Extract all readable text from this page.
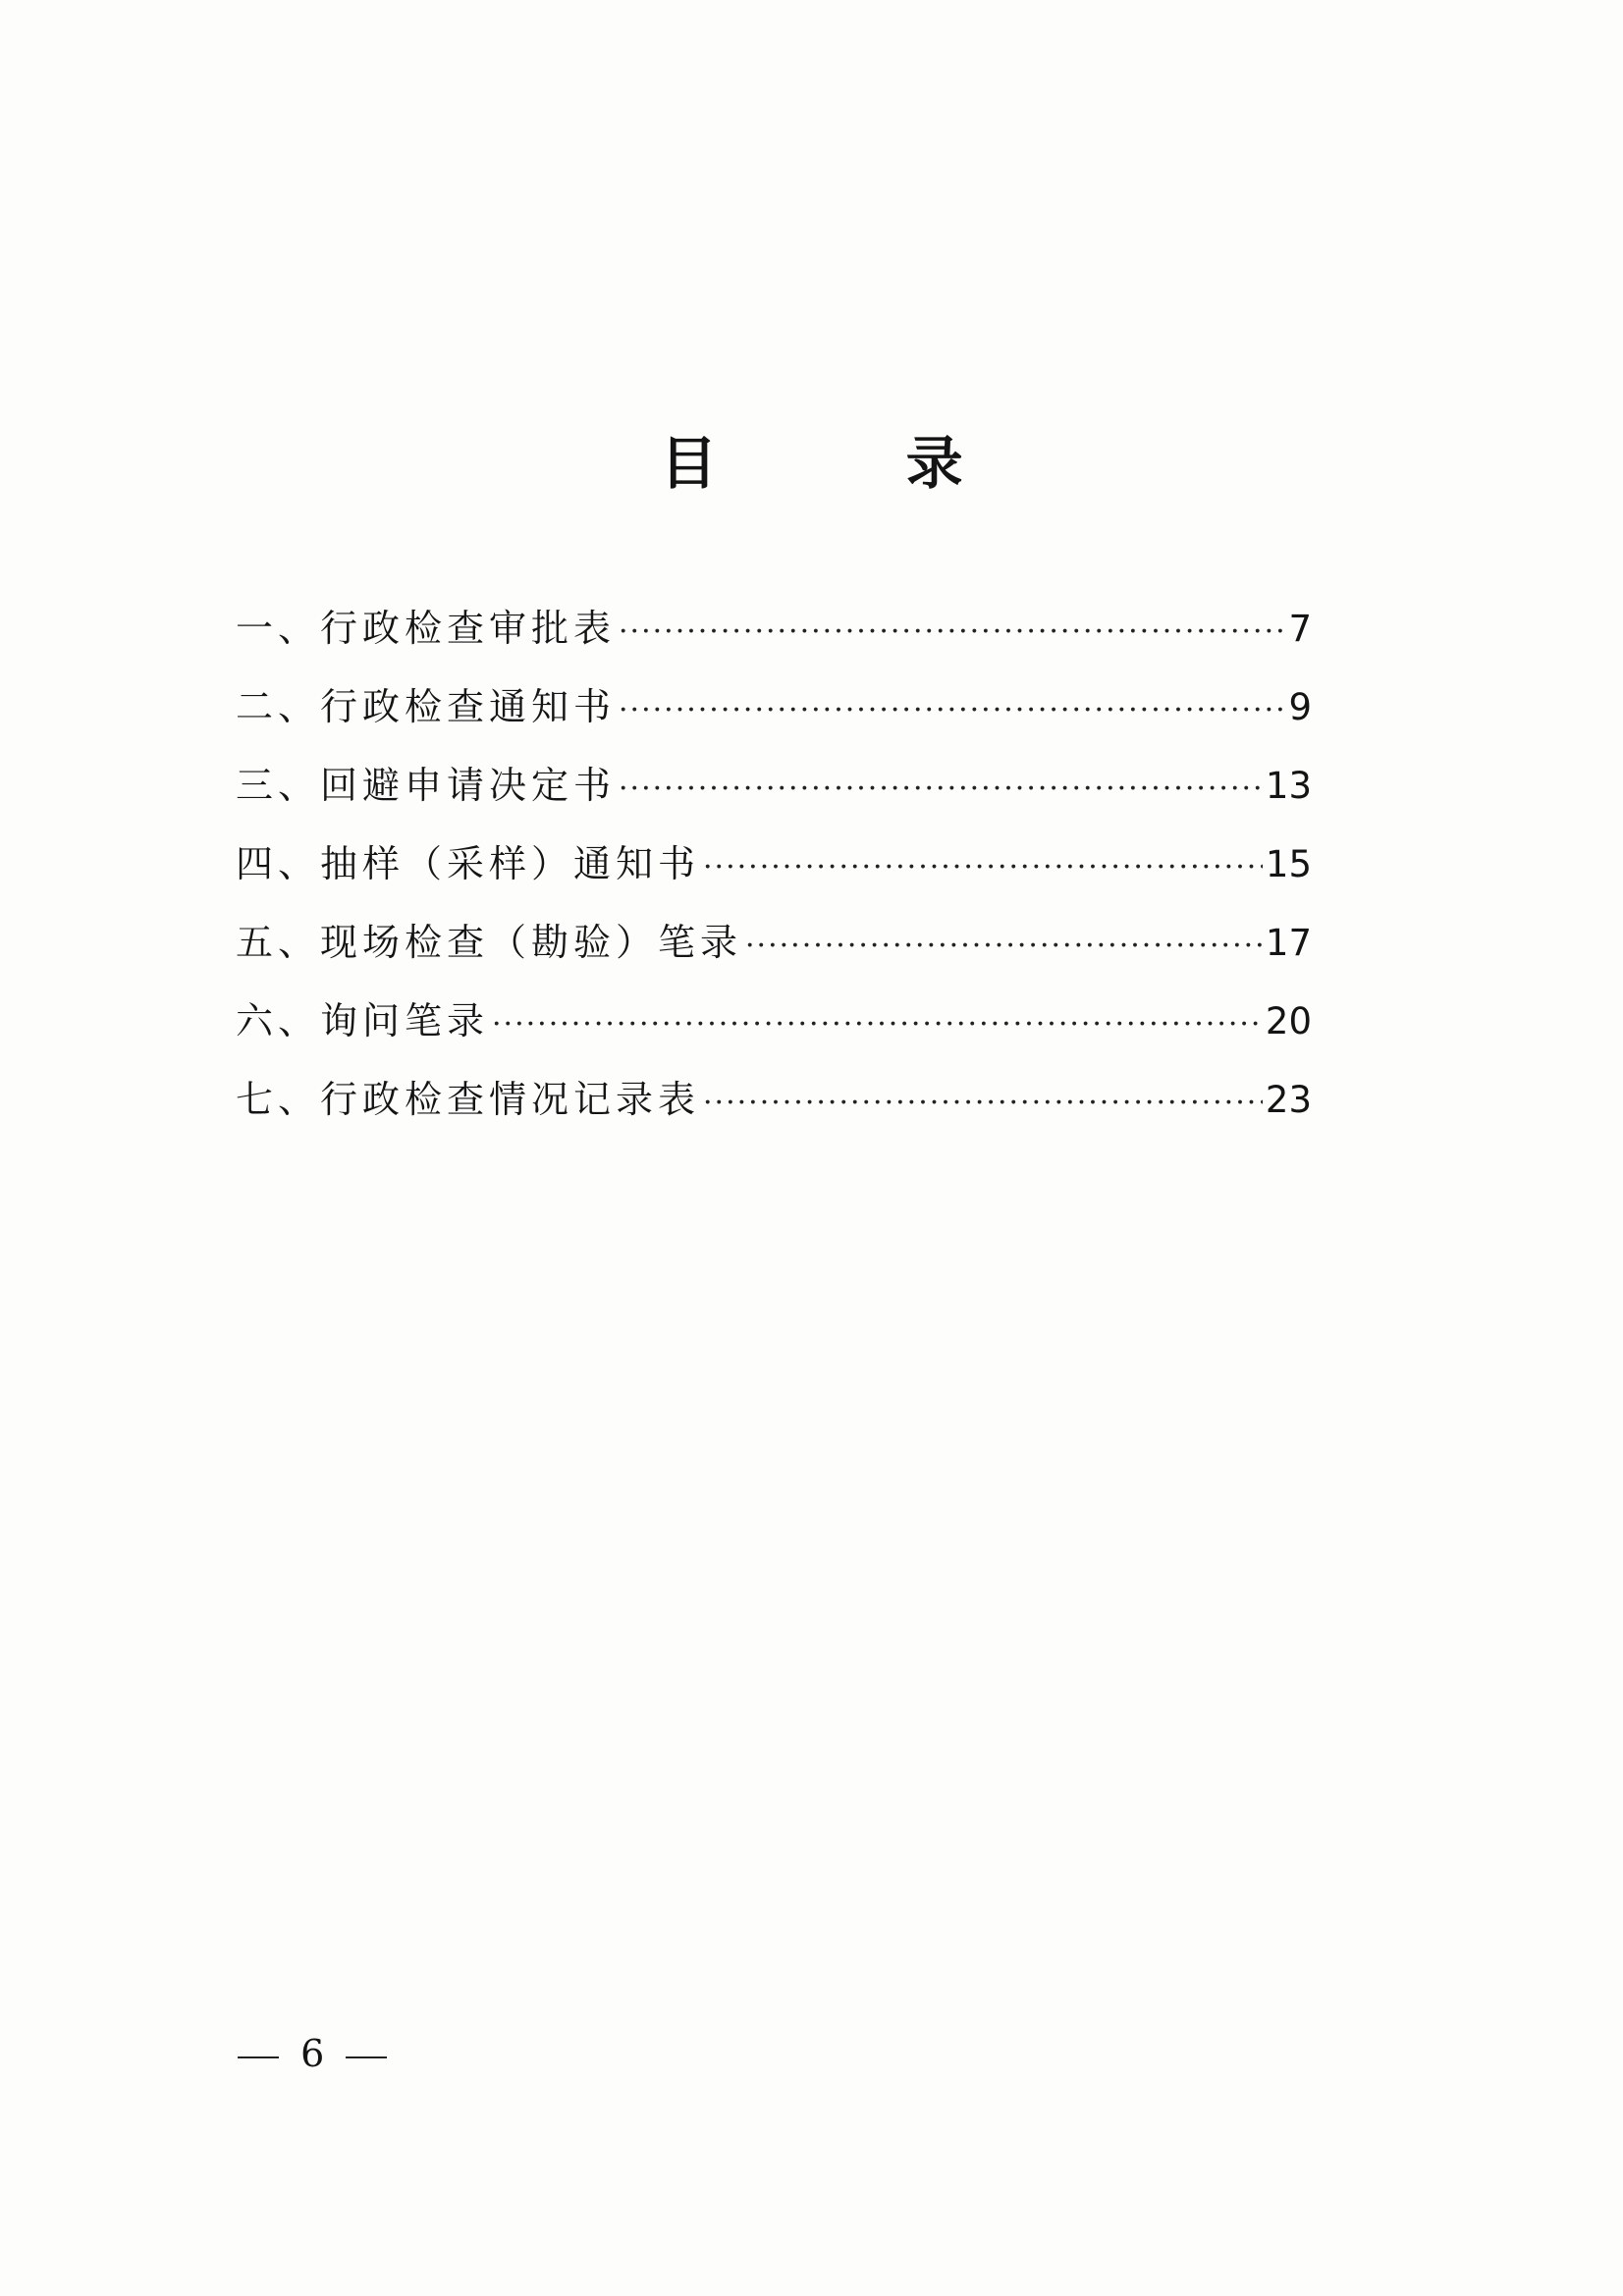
目 录
一、行政检查审批表 ·····	7
二、行政检查通知书 ·····	9
三、回避申请决定书 ·····	13
四、抽样（采样）通知书 ·····	15
五、现场检查（勘验）笔录 ·····	17
六、询问笔录 ·····	20
七、行政检查情况记录表 ·····	23
6
